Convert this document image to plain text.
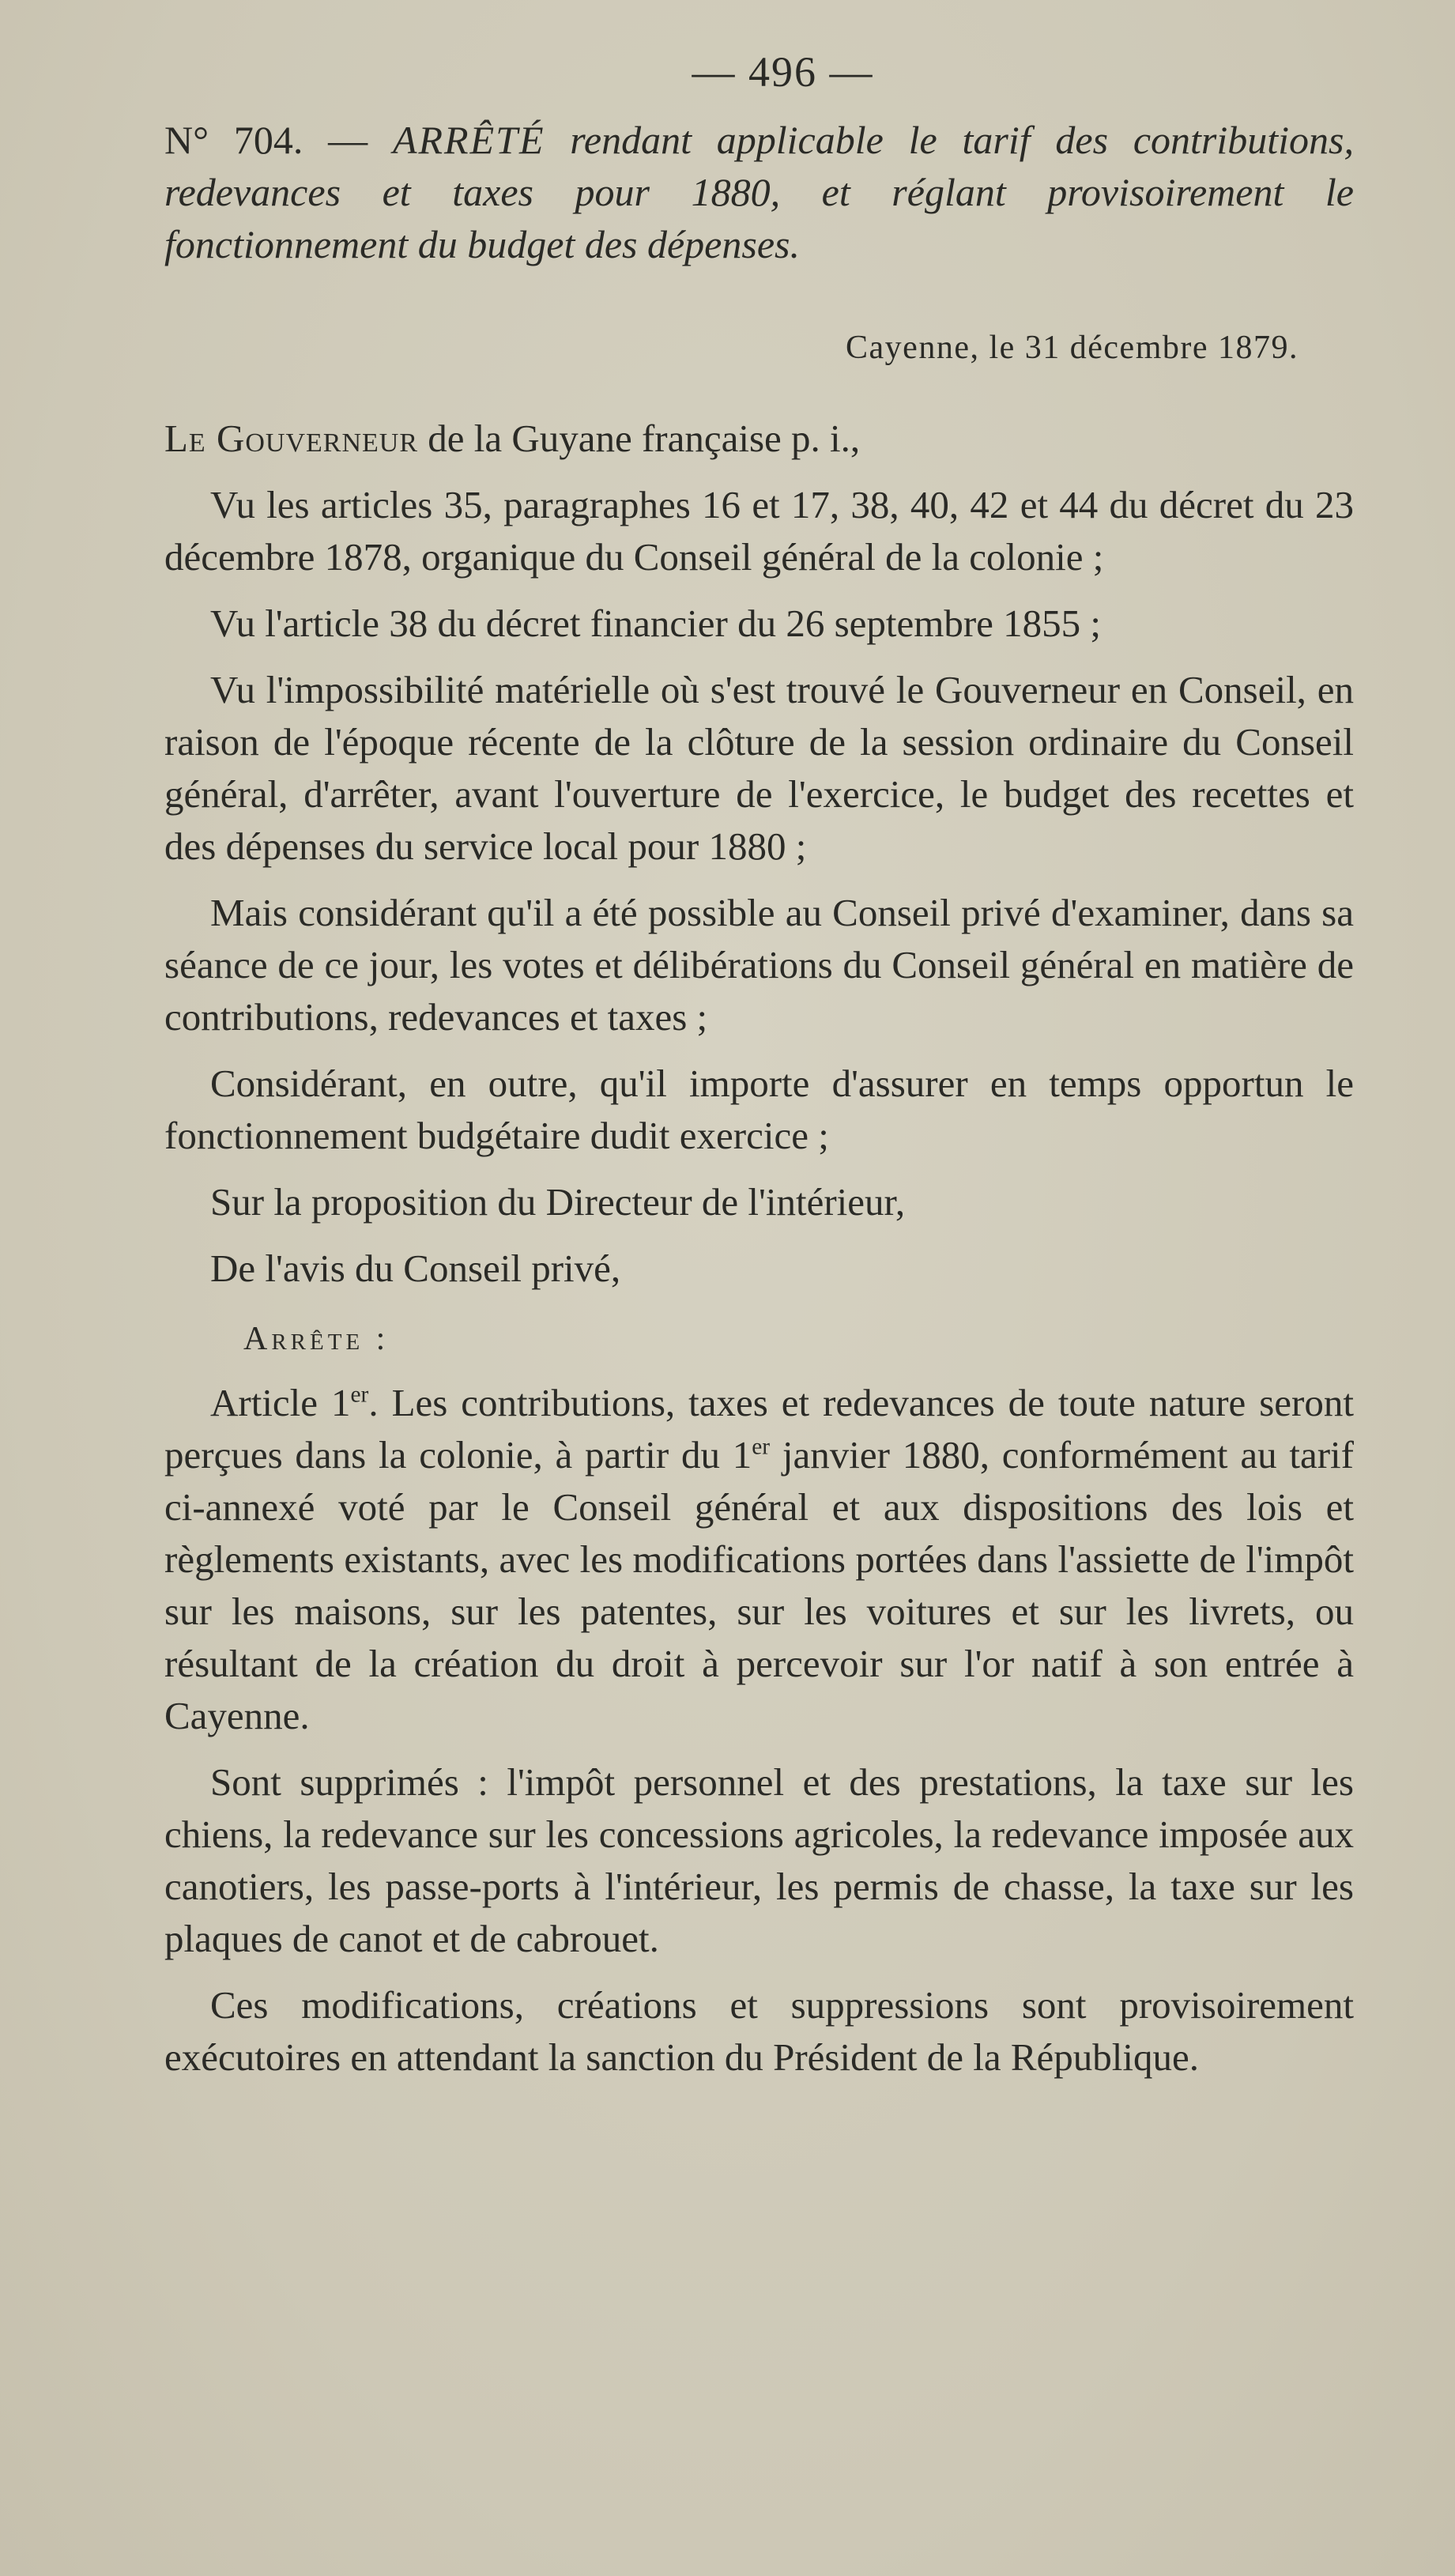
— 496 —

N° 704. — ARRÊTÉ rendant applicable le tarif des contributions, redevances et taxes pour 1880, et réglant provisoirement le fonctionnement du budget des dépenses.

Cayenne, le 31 décembre 1879.
Le Gouverneur de la Guyane française p. i.,

Vu les articles 35, paragraphes 16 et 17, 38, 40, 42 et 44 du décret du 23 décembre 1878, organique du Conseil général de la colonie ;

Vu l'article 38 du décret financier du 26 septembre 1855 ;

Vu l'impossibilité matérielle où s'est trouvé le Gouverneur en Conseil, en raison de l'époque récente de la clôture de la session ordinaire du Conseil général, d'arrêter, avant l'ouverture de l'exercice, le budget des recettes et des dépenses du service local pour 1880 ;

Mais considérant qu'il a été possible au Conseil privé d'examiner, dans sa séance de ce jour, les votes et délibérations du Conseil général en matière de contributions, redevances et taxes ;

Considérant, en outre, qu'il importe d'assurer en temps opportun le fonctionnement budgétaire dudit exercice ;

Sur la proposition du Directeur de l'intérieur,

De l'avis du Conseil privé,

Arrête :

Article 1er. Les contributions, taxes et redevances de toute nature seront perçues dans la colonie, à partir du 1er janvier 1880, conformément au tarif ci-annexé voté par le Conseil général et aux dispositions des lois et règlements existants, avec les modifications portées dans l'assiette de l'impôt sur les maisons, sur les patentes, sur les voitures et sur les livrets, ou résultant de la création du droit à percevoir sur l'or natif à son entrée à Cayenne.

Sont supprimés : l'impôt personnel et des prestations, la taxe sur les chiens, la redevance sur les concessions agricoles, la redevance imposée aux canotiers, les passe-ports à l'intérieur, les permis de chasse, la taxe sur les plaques de canot et de cabrouet.

Ces modifications, créations et suppressions sont provisoirement exécutoires en attendant la sanction du Président de la République.
